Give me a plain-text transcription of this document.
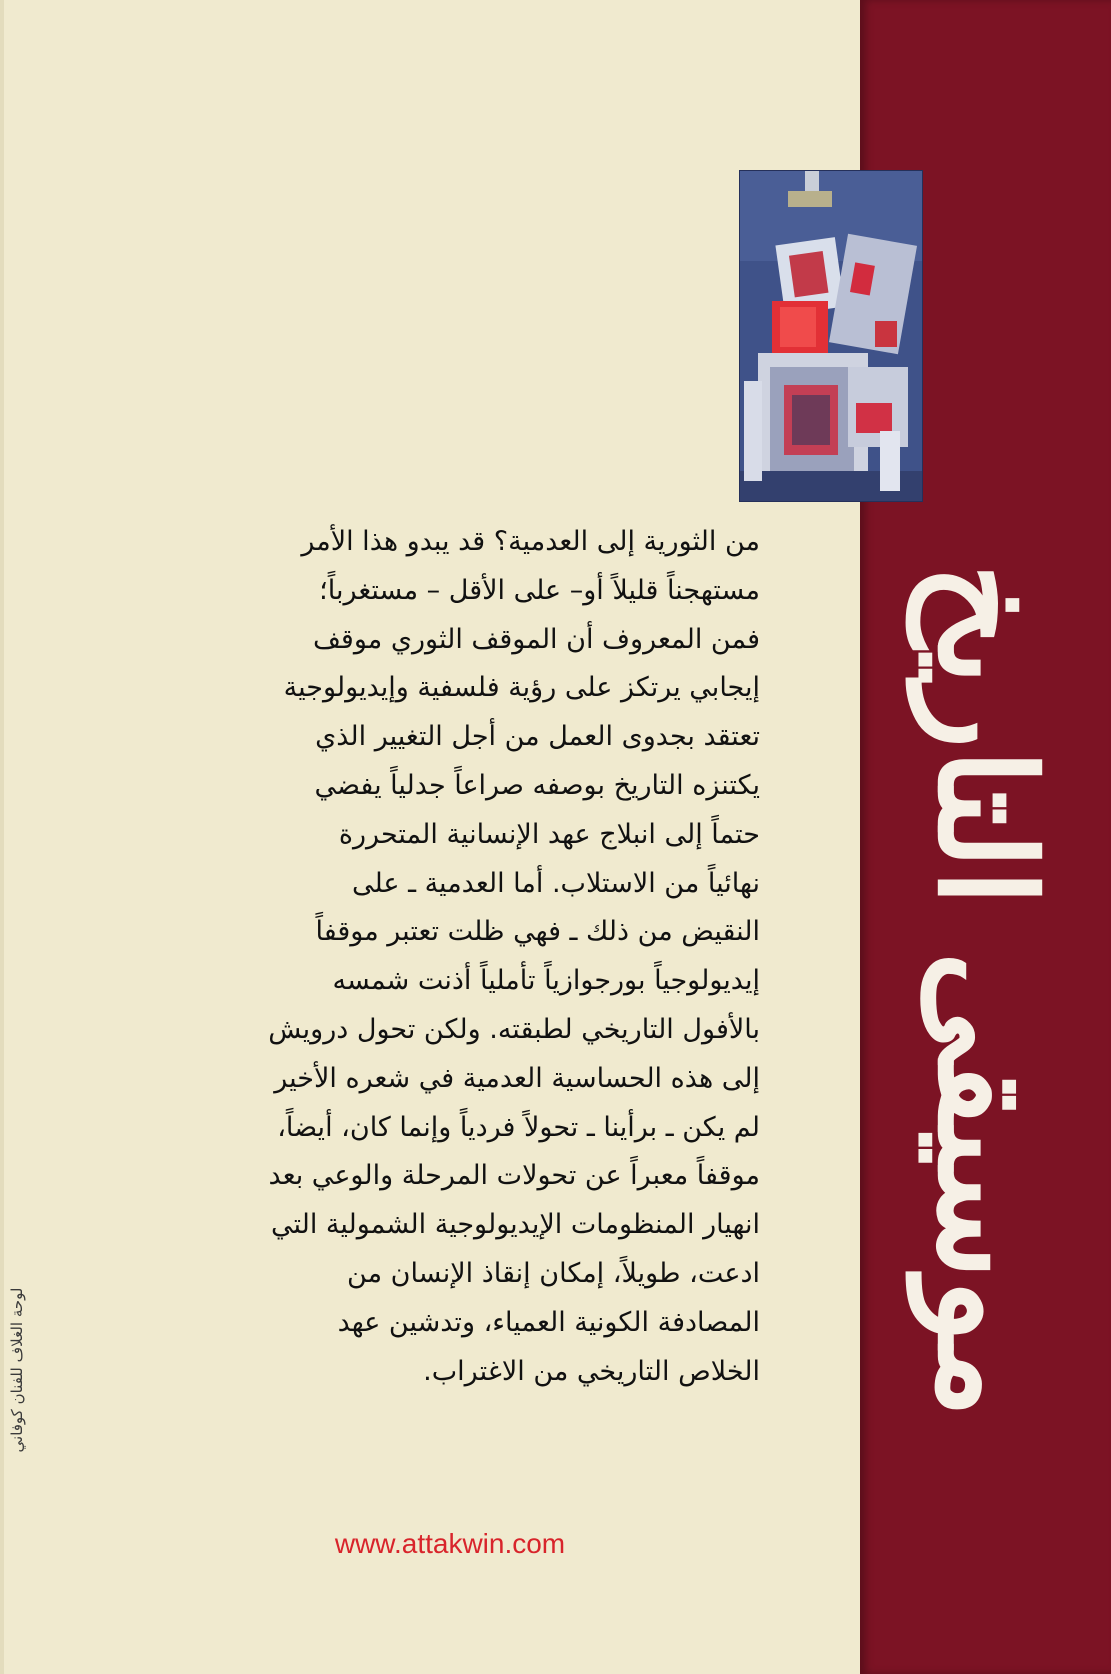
موسيقى التاريخ
من الثورية إلى العدمية؟ قد يبدو هذا الأمر
مستهجناً قليلاً أو– على الأقل – مستغرباً؛
فمن المعروف أن الموقف الثوري موقف
إيجابي يرتكز على رؤية فلسفية وإيديولوجية
تعتقد بجدوى العمل من أجل التغيير الذي
يكتنزه التاريخ بوصفه صراعاً جدلياً يفضي
حتماً إلى انبلاج عهد الإنسانية المتحررة
نهائياً من الاستلاب. أما العدمية ـ على
النقيض من ذلك ـ فهي ظلت تعتبر موقفاً
إيديولوجياً بورجوازياً تأملياً أذنت شمسه
بالأفول التاريخي لطبقته. ولكن تحول درويش
إلى هذه الحساسية العدمية في شعره الأخير
لم يكن ـ برأينا ـ تحولاً فردياً وإنما كان، أيضاً،
موقفاً معبراً عن تحولات المرحلة والوعي بعد
انهيار المنظومات الإيديولوجية الشمولية التي
ادعت، طويلاً، إمكان إنقاذ الإنسان من
المصادفة الكونية العمياء، وتدشين عهد
الخلاص التاريخي من الاغتراب.
www.attakwin.com
لوحة الغلاف للفنان كوفاني
